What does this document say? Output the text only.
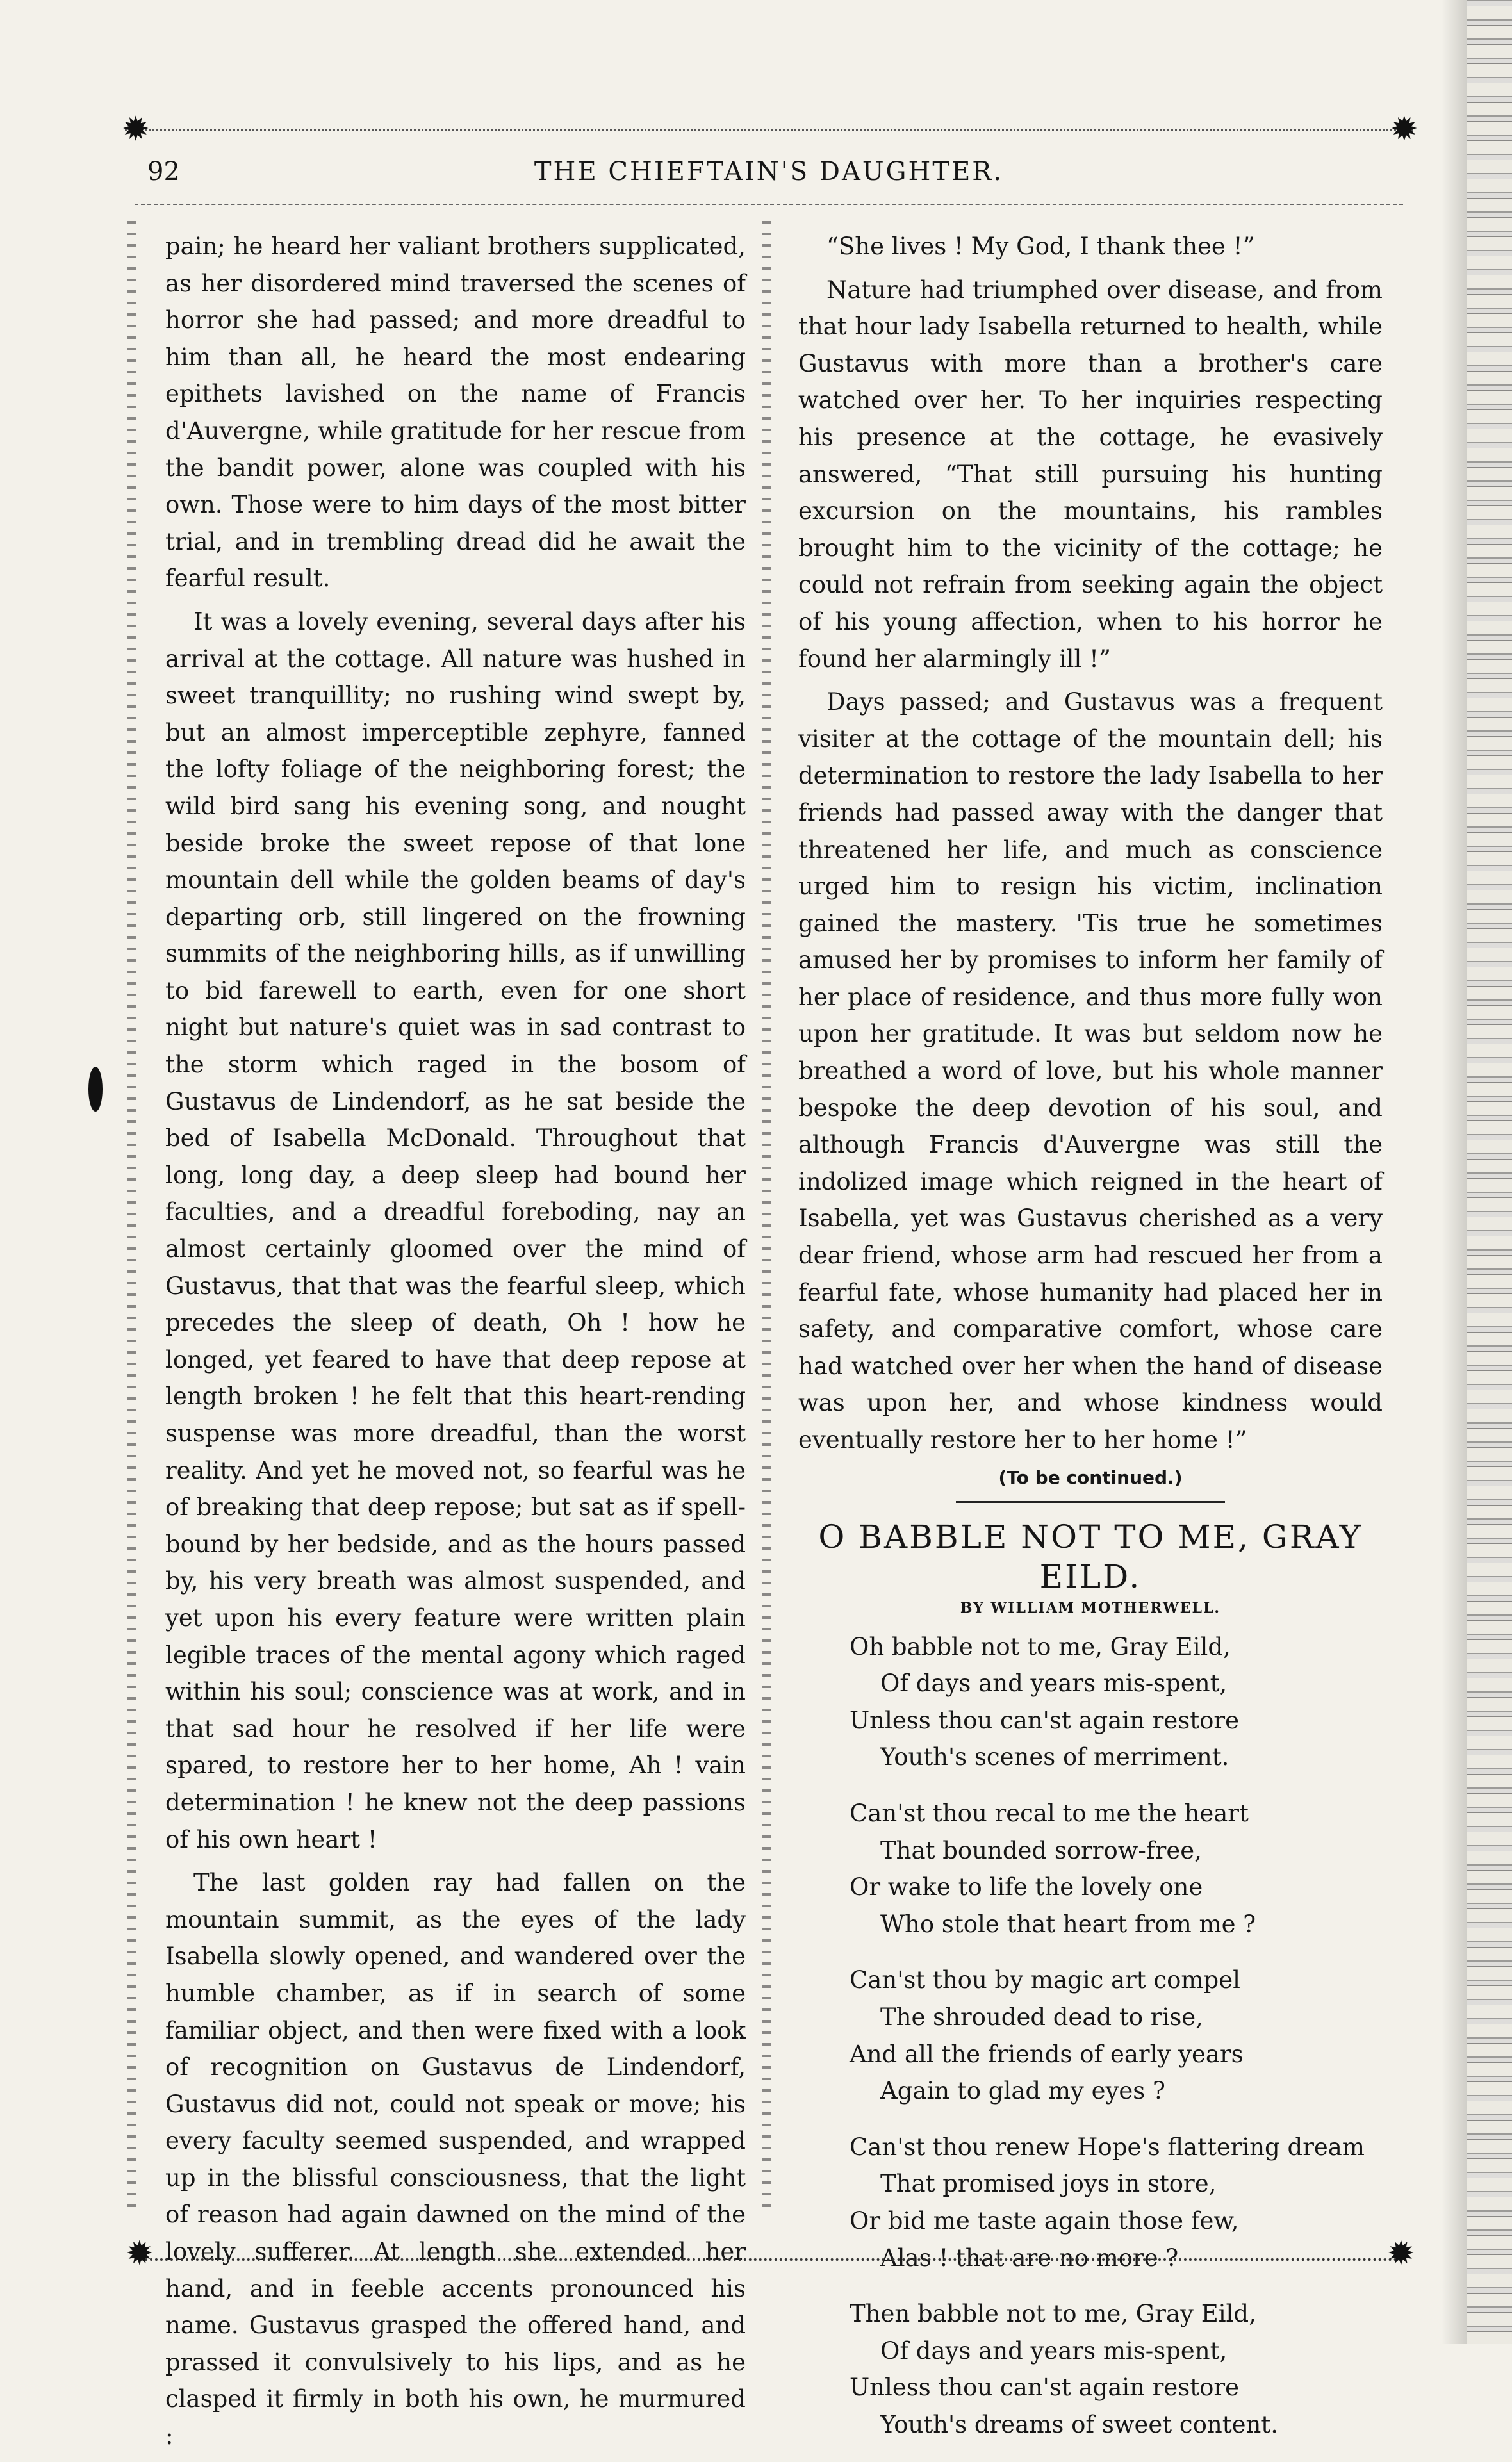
✹	✹
92	THE CHIEFTAIN'S DAUGHTER.

pain; he heard her valiant brothers supplicated, as her disordered mind traversed the scenes of horror she had passed; and more dreadful to him than all, he heard the most endearing epithets lavished on the name of Francis d'Auvergne, while gratitude for her rescue from the bandit power, alone was coupled with his own. Those were to him days of the most bitter trial, and in trembling dread did he await the fearful result.

It was a lovely evening, several days after his arrival at the cottage. All nature was hushed in sweet tranquillity; no rushing wind swept by, but an almost imperceptible zephyre, fanned the lofty foliage of the neighboring forest; the wild bird sang his evening song, and nought beside broke the sweet repose of that lone mountain dell while the golden beams of day's departing orb, still lingered on the frowning summits of the neighboring hills, as if unwilling to bid farewell to earth, even for one short night but nature's quiet was in sad contrast to the storm which raged in the bosom of Gustavus de Lindendorf, as he sat beside the bed of Isabella McDonald. Throughout that long, long day, a deep sleep had bound her faculties, and a dreadful foreboding, nay an almost certainly gloomed over the mind of Gustavus, that that was the fearful sleep, which precedes the sleep of death, Oh ! how he longed, yet feared to have that deep repose at length broken ! he felt that this heart-rending suspense was more dreadful, than the worst reality. And yet he moved not, so fearful was he of breaking that deep repose; but sat as if spell-bound by her bedside, and as the hours passed by, his very breath was almost suspended, and yet upon his every feature were written plain legible traces of the mental agony which raged within his soul; conscience was at work, and in that sad hour he resolved if her life were spared, to restore her to her home, Ah ! vain determination ! he knew not the deep passions of his own heart !

The last golden ray had fallen on the mountain summit, as the eyes of the lady Isabella slowly opened, and wandered over the humble chamber, as if in search of some familiar object, and then were fixed with a look of recognition on Gustavus de Lindendorf, Gustavus did not, could not speak or move; his every faculty seemed suspended, and wrapped up in the blissful consciousness, that the light of reason had again dawned on the mind of the lovely sufferer. At length she extended her hand, and in feeble accents pronounced his name. Gustavus grasped the offered hand, and prassed it convulsively to his lips, and as he clasped it firmly in both his own, he murmured :

“She lives ! My God, I thank thee !”

Nature had triumphed over disease, and from that hour lady Isabella returned to health, while Gustavus with more than a brother's care watched over her. To her inquiries respecting his presence at the cottage, he evasively answered, “That still pursuing his hunting excursion on the mountains, his rambles brought him to the vicinity of the cottage; he could not refrain from seeking again the object of his young affection, when to his horror he found her alarmingly ill !”

Days passed; and Gustavus was a frequent visiter at the cottage of the mountain dell; his determination to restore the lady Isabella to her friends had passed away with the danger that threatened her life, and much as conscience urged him to resign his victim, inclination gained the mastery. 'Tis true he sometimes amused her by promises to inform her family of her place of residence, and thus more fully won upon her gratitude. It was but seldom now he breathed a word of love, but his whole manner bespoke the deep devotion of his soul, and although Francis d'Auvergne was still the indolized image which reigned in the heart of Isabella, yet was Gustavus cherished as a very dear friend, whose arm had rescued her from a fearful fate, whose humanity had placed her in safety, and comparative comfort, whose care had watched over her when the hand of disease was upon her, and whose kindness would eventually restore her to her home !”

(To be continued.)
O BABBLE NOT TO ME, GRAY EILD.
BY WILLIAM MOTHERWELL.
Oh babble not to me, Gray Eild,
Of days and years mis-spent,
Unless thou can'st again restore
Youth's scenes of merriment.
Can'st thou recal to me the heart
That bounded sorrow-free,
Or wake to life the lovely one
Who stole that heart from me ?
Can'st thou by magic art compel
The shrouded dead to rise,
And all the friends of early years
Again to glad my eyes ?
Can'st thou renew Hope's flattering dream
That promised joys in store,
Or bid me taste again those few,
Alas ! that are no more ?
Then babble not to me, Gray Eild,
Of days and years mis-spent,
Unless thou can'st again restore
Youth's dreams of sweet content.
✹	✹
